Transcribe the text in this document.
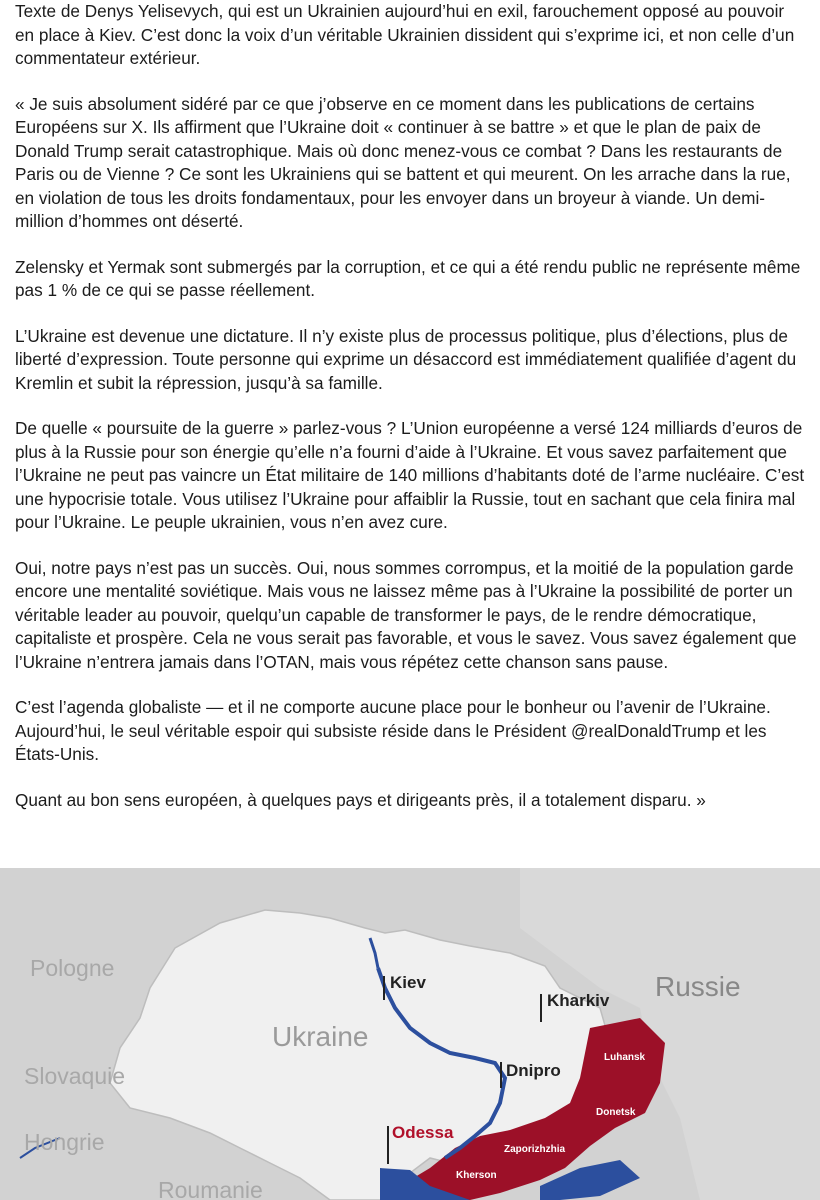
Texte de Denys Yelisevych, qui est un Ukrainien aujourd’hui en exil, farouchement opposé au pouvoir en place à Kiev. C’est donc la voix d’un véritable Ukrainien dissident qui s’exprime ici, et non celle d’un commentateur extérieur.

« Je suis absolument sidéré par ce que j’observe en ce moment dans les publications de certains Européens sur X. Ils affirment que l’Ukraine doit « continuer à se battre » et que le plan de paix de Donald Trump serait catastrophique. Mais où donc menez-vous ce combat ? Dans les restaurants de Paris ou de Vienne ? Ce sont les Ukrainiens qui se battent et qui meurent. On les arrache dans la rue, en violation de tous les droits fondamentaux, pour les envoyer dans un broyeur à viande. Un demi-million d’hommes ont déserté.

Zelensky et Yermak sont submergés par la corruption, et ce qui a été rendu public ne représente même pas 1 % de ce qui se passe réellement.

L’Ukraine est devenue une dictature. Il n’y existe plus de processus politique, plus d’élections, plus de liberté d’expression. Toute personne qui exprime un désaccord est immédiatement qualifiée d’agent du Kremlin et subit la répression, jusqu’à sa famille.

De quelle « poursuite de la guerre » parlez-vous ? L’Union européenne a versé 124 milliards d’euros de plus à la Russie pour son énergie qu’elle n’a fourni d’aide à l’Ukraine. Et vous savez parfaitement que l’Ukraine ne peut pas vaincre un État militaire de 140 millions d’habitants doté de l’arme nucléaire. C’est une hypocrisie totale. Vous utilisez l’Ukraine pour affaiblir la Russie, tout en sachant que cela finira mal pour l’Ukraine. Le peuple ukrainien, vous n’en avez cure.

Oui, notre pays n’est pas un succès. Oui, nous sommes corrompus, et la moitié de la population garde encore une mentalité soviétique. Mais vous ne laissez même pas à l’Ukraine la possibilité de porter un véritable leader au pouvoir, quelqu’un capable de transformer le pays, de le rendre démocratique, capitaliste et prospère. Cela ne vous serait pas favorable, et vous le savez. Vous savez également que l’Ukraine n’entrera jamais dans l’OTAN, mais vous répétez cette chanson sans pause.

C’est l’agenda globaliste — et il ne comporte aucune place pour le bonheur ou l’avenir de l’Ukraine.

Aujourd’hui, le seul véritable espoir qui subsiste réside dans le Président @realDonaldTrump et les États-Unis.

Quant au bon sens européen, à quelques pays et dirigeants près, il a totalement disparu. »

Pologne
Slovaquie
Hongrie
Roumanie
Russie
Ukraine
Kiev
Kharkiv
Dnipro
Odessa
Luhansk
Donetsk
Zaporizhzhia
Kherson
